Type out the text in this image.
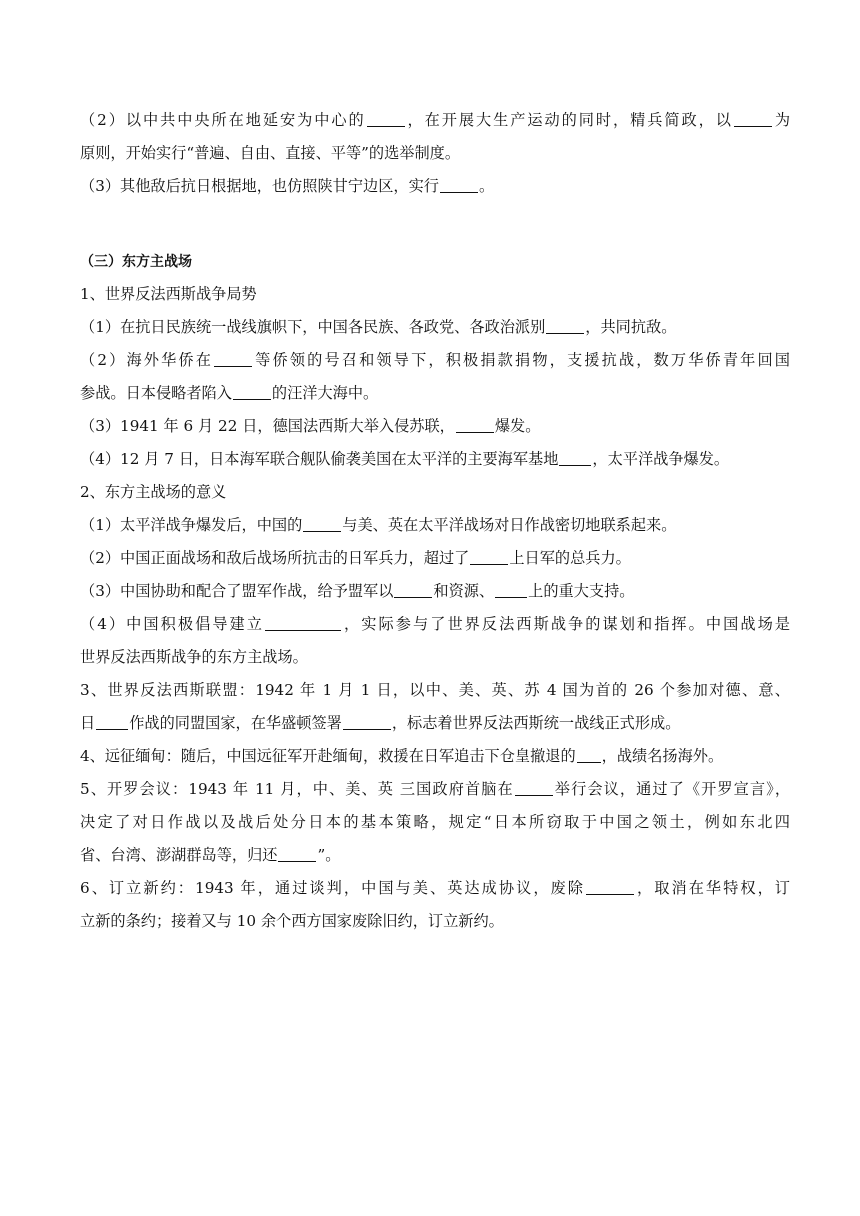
（2）以中共中央所在地延安为中心的	，在开展大生产运动的同时，精兵简政，以	为
原则，开始实行“普遍、自由、直接、平等”的选举制度。
（3）其他敌后抗日根据地，也仿照陕甘宁边区，实行	。
（三）东方主战场
1、世界反法西斯战争局势
（1）在抗日民族统一战线旗帜下，中国各民族、各政党、各政治派别	，共同抗敌。
（2）海外华侨在	等侨领的号召和领导下，积极捐款捐物，支援抗战，数万华侨青年回国
参战。日本侵略者陷入	的汪洋大海中。
（3）1941 年 6 月 22 日，德国法西斯大举入侵苏联，	爆发。
（4）12 月 7 日，日本海军联合舰队偷袭美国在太平洋的主要海军基地 ，太平洋战争爆发。
2、东方主战场的意义
（1）太平洋战争爆发后，中国的	与美、英在太平洋战场对日作战密切地联系起来。
（2）中国正面战场和敌后战场所抗击的日军兵力，超过了	上日军的总兵力。
（3）中国协助和配合了盟军作战，给予盟军以	和资源、 上的重大支持。
（4）中国积极倡导建立	，实际参与了世界反法西斯战争的谋划和指挥。中国战场是
世界反法西斯战争的东方主战场。
3、世界反法西斯联盟：1942 年 1 月 1 日，以中、美、英、苏 4 国为首的 26 个参加对德、意、
日 作战的同盟国家，在华盛顿签署	，标志着世界反法西斯统一战线正式形成。
4、远征缅甸：随后，中国远征军开赴缅甸，救援在日军追击下仓皇撤退的 ，战绩名扬海外。
5、开罗会议：1943 年 11 月，中、美、英 三国政府首脑在	举行会议，通过了《开罗宣言》，
决定了对日作战以及战后处分日本的基本策略，规定“日本所窃取于中国之领土，例如东北四
省、台湾、澎湖群岛等，归还	”。
6、订立新约：1943 年，通过谈判，中国与美、英达成协议，废除	，取消在华特权，订
立新的条约；接着又与 10 余个西方国家废除旧约，订立新约。
